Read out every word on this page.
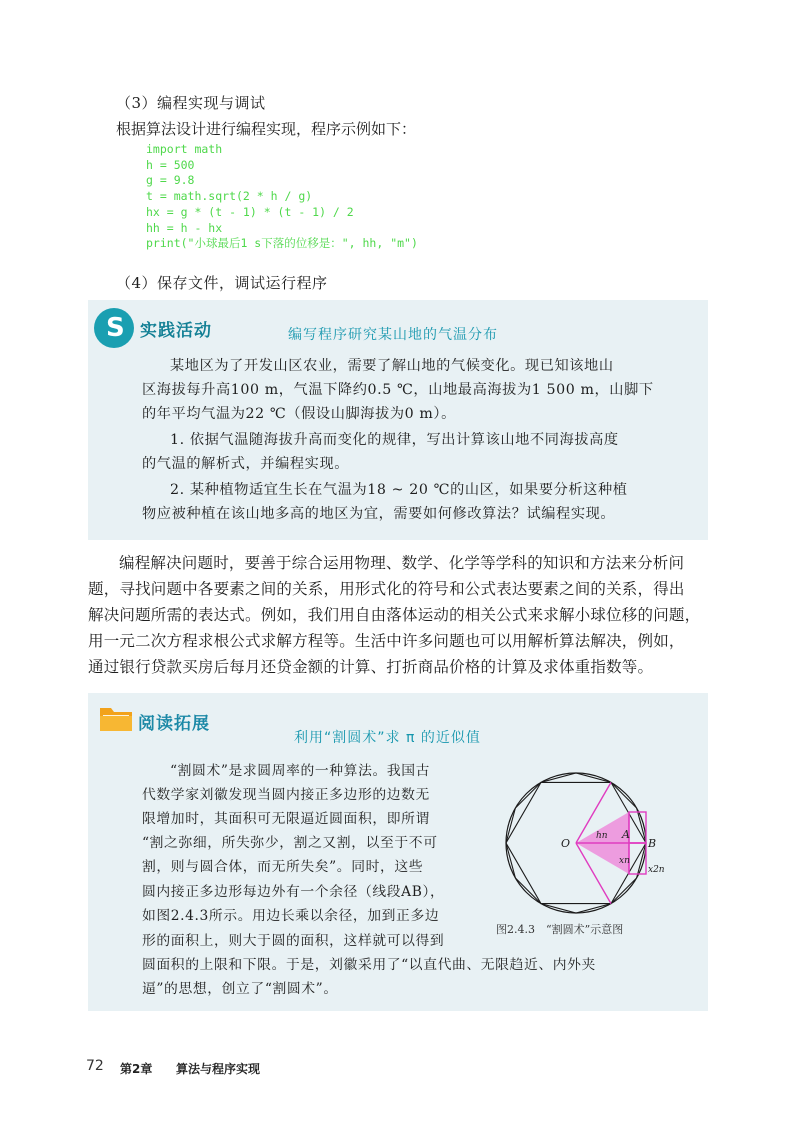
（3）编程实现与调试
根据算法设计进行编程实现，程序示例如下：
import math
h = 500
g = 9.8
t = math.sqrt(2 * h / g)
hx = g * (t - 1) * (t - 1) / 2
hh = h - hx
print("小球最后1 s下落的位移是：", hh, "m")
（4）保存文件，调试运行程序
S 实践活动	编写程序研究某山地的气温分布
某地区为了开发山区农业，需要了解山地的气候变化。现已知该地山
区海拔每升高100 m，气温下降约0.5 ℃，山地最高海拔为1 500 m，山脚下
的年平均气温为22 ℃（假设山脚海拔为0 m）。
1. 依据气温随海拔升高而变化的规律，写出计算该山地不同海拔高度
的气温的解析式，并编程实现。
2. 某种植物适宜生长在气温为18 ~ 20 ℃的山区，如果要分析这种植
物应被种植在该山地多高的地区为宜，需要如何修改算法？试编程实现。
编程解决问题时，要善于综合运用物理、数学、化学等学科的知识和方法来分析问
题，寻找问题中各要素之间的关系，用形式化的符号和公式表达要素之间的关系，得出
解决问题所需的表达式。例如，我们用自由落体运动的相关公式来求解小球位移的问题，
用一元二次方程求根公式求解方程等。生活中许多问题也可以用解析算法解决，例如，
通过银行贷款买房后每月还贷金额的计算、打折商品价格的计算及求体重指数等。
阅读拓展
利用“割圆术”求 π 的近似值
“割圆术”是求圆周率的一种算法。我国古
代数学家刘徽发现当圆内接正多边形的边数无
限增加时，其面积可无限逼近圆面积，即所谓
“割之弥细，所失弥少，割之又割，以至于不可
割，则与圆合体，而无所失矣”。同时，这些
圆内接正多边形每边外有一个余径（线段AB），
如图2.4.3所示。用边长乘以余径，加到正多边
形的面积上，则大于圆的面积，这样就可以得到
圆面积的上限和下限。于是，刘徽采用了“以直代曲、无限趋近、内外夹
逼”的思想，创立了“割圆术”。
O
A
B
hn
xn
x2n
图2.4.3　“割圆术”示意图
72 第2章 算法与程序实现
